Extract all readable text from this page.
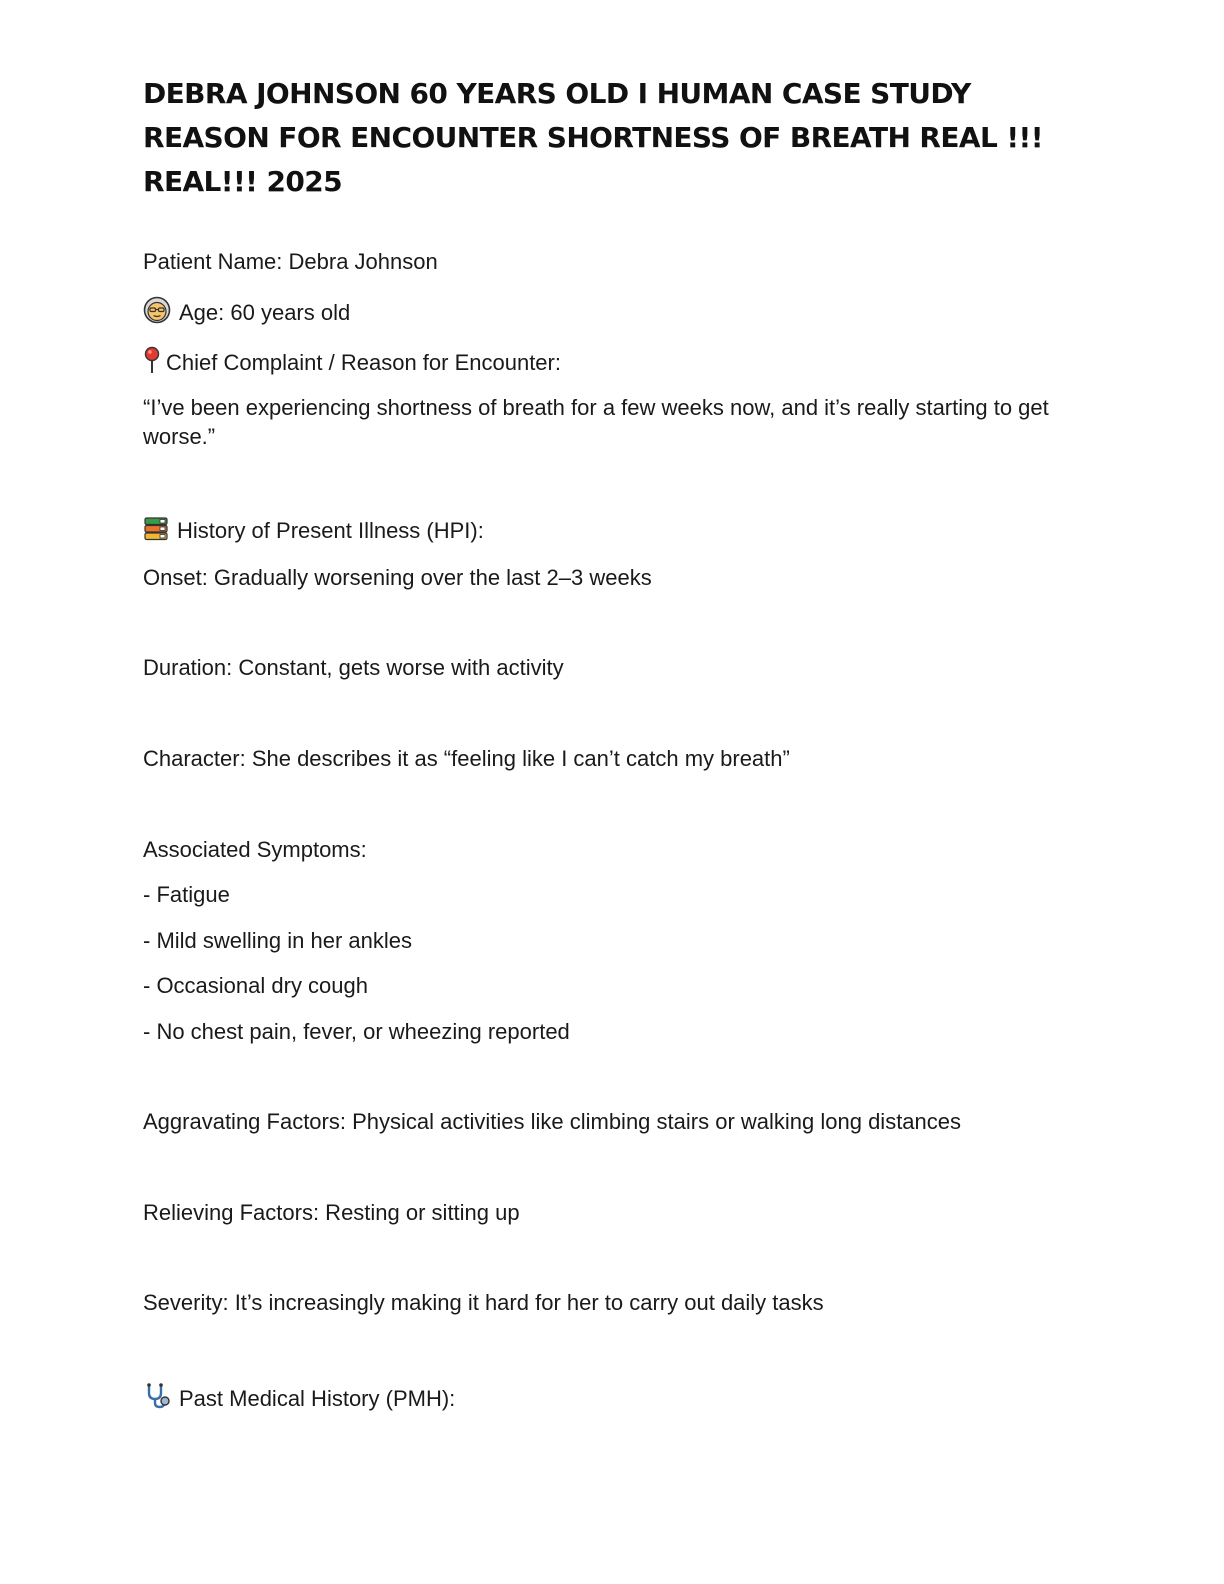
DEBRA JOHNSON 60 YEARS OLD I HUMAN CASE STUDY REASON FOR ENCOUNTER SHORTNESS OF BREATH REAL !!! REAL!!! 2025
Patient Name: Debra Johnson
Age: 60 years old
Chief Complaint / Reason for Encounter:
“I’ve been experiencing shortness of breath for a few weeks now, and it’s really starting to get worse.”
History of Present Illness (HPI):
Onset: Gradually worsening over the last 2–3 weeks
Duration: Constant, gets worse with activity
Character: She describes it as “feeling like I can’t catch my breath”
Associated Symptoms:
- Fatigue
- Mild swelling in her ankles
- Occasional dry cough
- No chest pain, fever, or wheezing reported
Aggravating Factors: Physical activities like climbing stairs or walking long distances
Relieving Factors: Resting or sitting up
Severity: It’s increasingly making it hard for her to carry out daily tasks
Past Medical History (PMH):
